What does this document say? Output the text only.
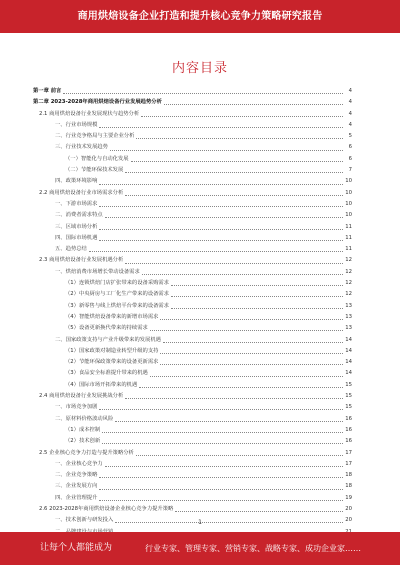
商用烘焙设备企业打造和提升核心竞争力策略研究报告
内容目录
第一章 前言	4
第二章 2023-2028年商用烘焙设备行业发展趋势分析	4
2.1 商用烘焙设备行业发展现状与趋势分析	4
一、行业市场规模	4
二、行业竞争格局与主要企业分析	5
三、行业技术发展趋势	6
（一）智能化与自动化发展	6
（二）节能环保技术发展	7
四、政策环境影响	10
2.2 商用烘焙设备行业市场需求分析	10
一、下游市场需求	10
二、消费者需求特点	10
三、区域市场分析	11
四、国际市场机遇	11
五、趋势总结	11
2.3 商用烘焙设备行业发展机遇分析	12
一、烘焙消费市场增长带动设备需求	12
（1）连锁烘焙门店扩张带来的设备采购需求	12
（2）中央厨房与工厂化生产带来的设备需求	12
（3）新零售与线上烘焙平台带来的设备需求	13
（4）智能烘焙设备带来的新增市场需求	13
（5）设备更新换代带来的持续需求	13
二、国家政策支持与产业升级带来的发展机遇	14
（1）国家政策对制造业转型升级的支持	14
（2）节能环保政策带来的设备更新需求	14
（3）食品安全标准提升带来的机遇	14
（4）国际市场开拓带来的机遇	15
2.4 商用烘焙设备行业发展挑战分析	15
一、市场竞争加剧	15
二、原材料价格波动风险	16
（1）成本控制	16
（2）技术创新	16
2.5 企业核心竞争力打造与提升策略分析	17
一、企业核心竞争力	17
二、企业竞争策略	18
三、企业发展方向	18
四、企业管理提升	19
2.6 2023-2028年商用烘焙设备企业核心竞争力提升策略	20
一、技术创新与研发投入	20
1
让每个人都能成为	行业专家、管理专家、营销专家、战略专家、成功企业家……
